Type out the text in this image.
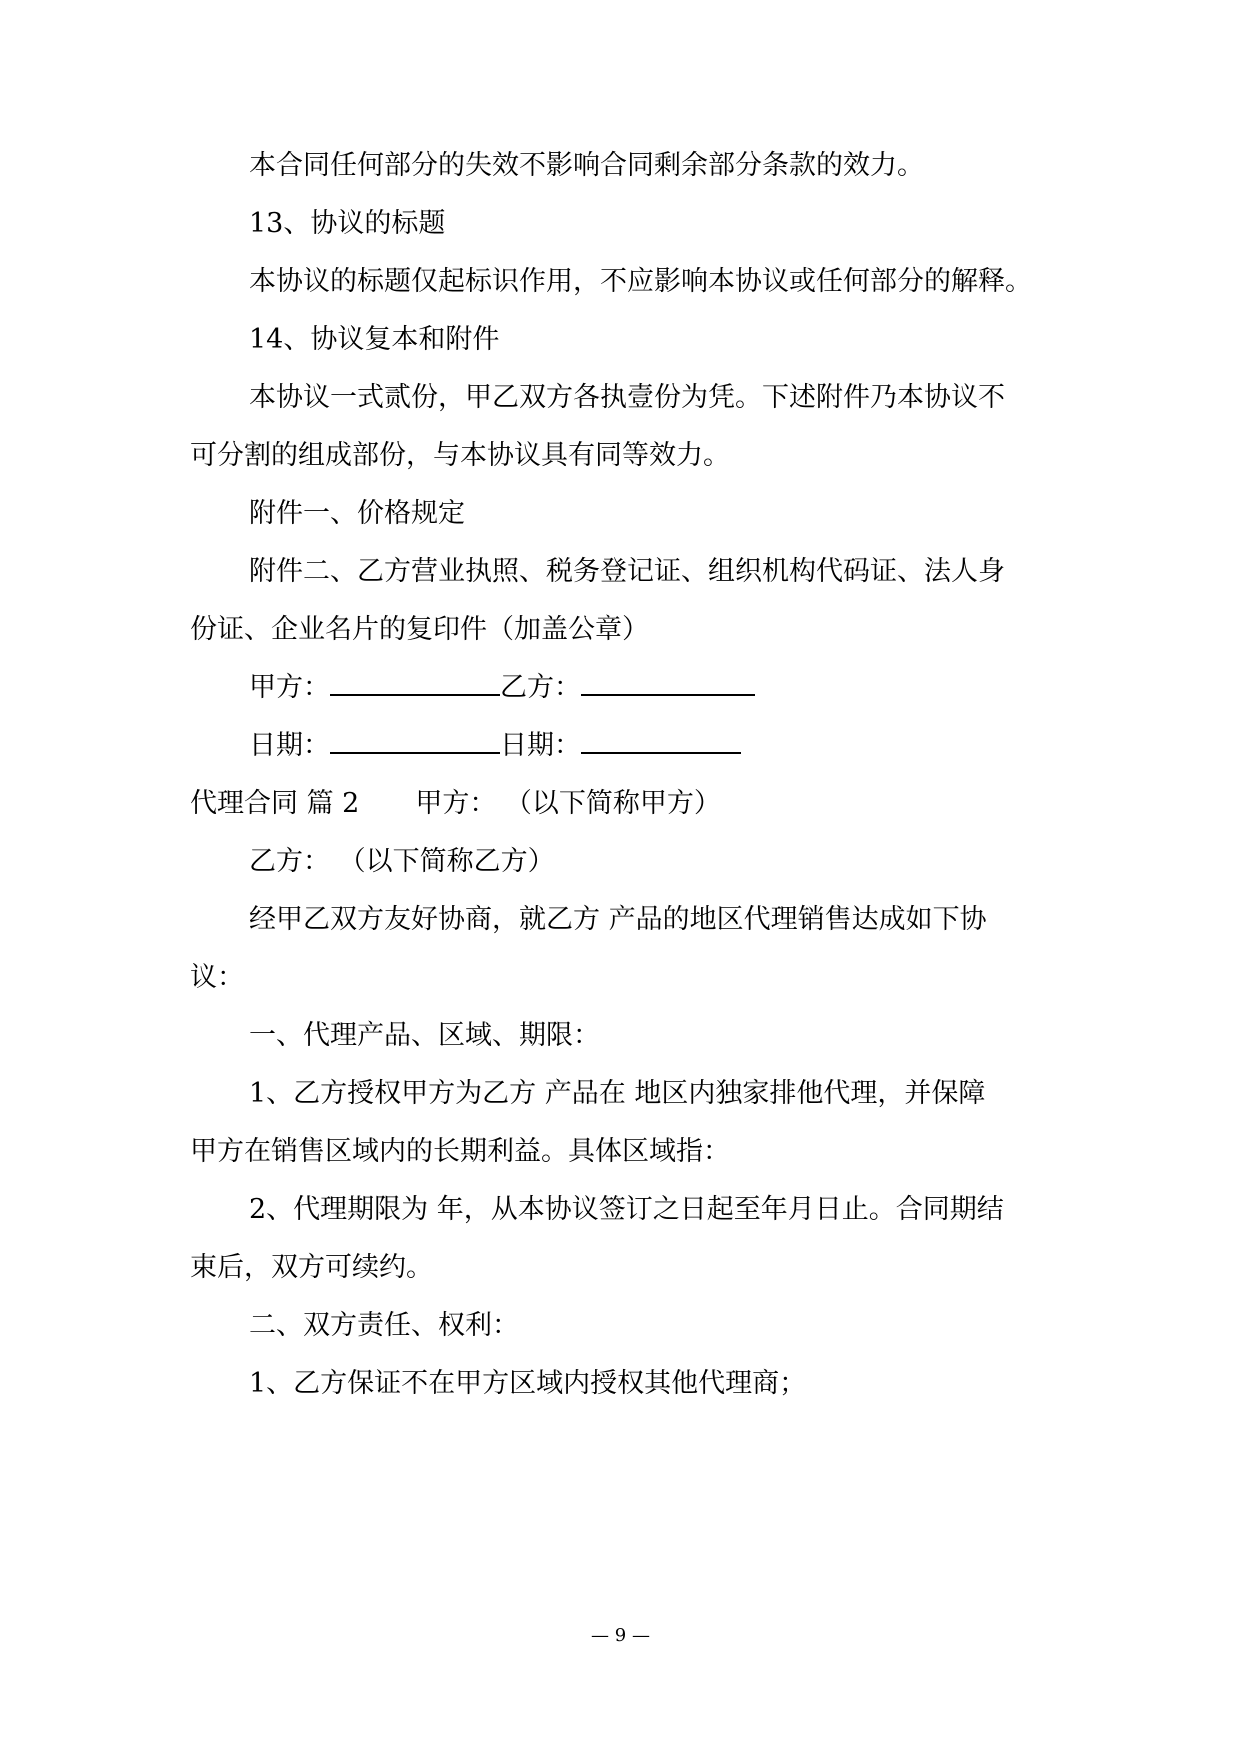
本合同任何部分的失效不影响合同剩余部分条款的效力。
13、协议的标题
本协议的标题仅起标识作用，不应影响本协议或任何部分的解释。
14、协议复本和附件
本协议一式贰份，甲乙双方各执壹份为凭。下述附件乃本协议不
可分割的组成部份，与本协议具有同等效力。
附件一、价格规定
附件二、乙方营业执照、税务登记证、组织机构代码证、法人身
份证、企业名片的复印件（加盖公章）
甲方：	乙方：
日期：	日期：
代理合同 篇 2 甲方： （以下简称甲方）
乙方： （以下简称乙方）
经甲乙双方友好协商，就乙方 产品的地区代理销售达成如下协
议：
一、代理产品、区域、期限：
1、乙方授权甲方为乙方 产品在 地区内独家排他代理，并保障
甲方在销售区域内的长期利益。具体区域指：
2、代理期限为 年，从本协议签订之日起至年月日止。合同期结
束后，双方可续约。
二、双方责任、权利：
1、乙方保证不在甲方区域内授权其他代理商；
— 9 —
